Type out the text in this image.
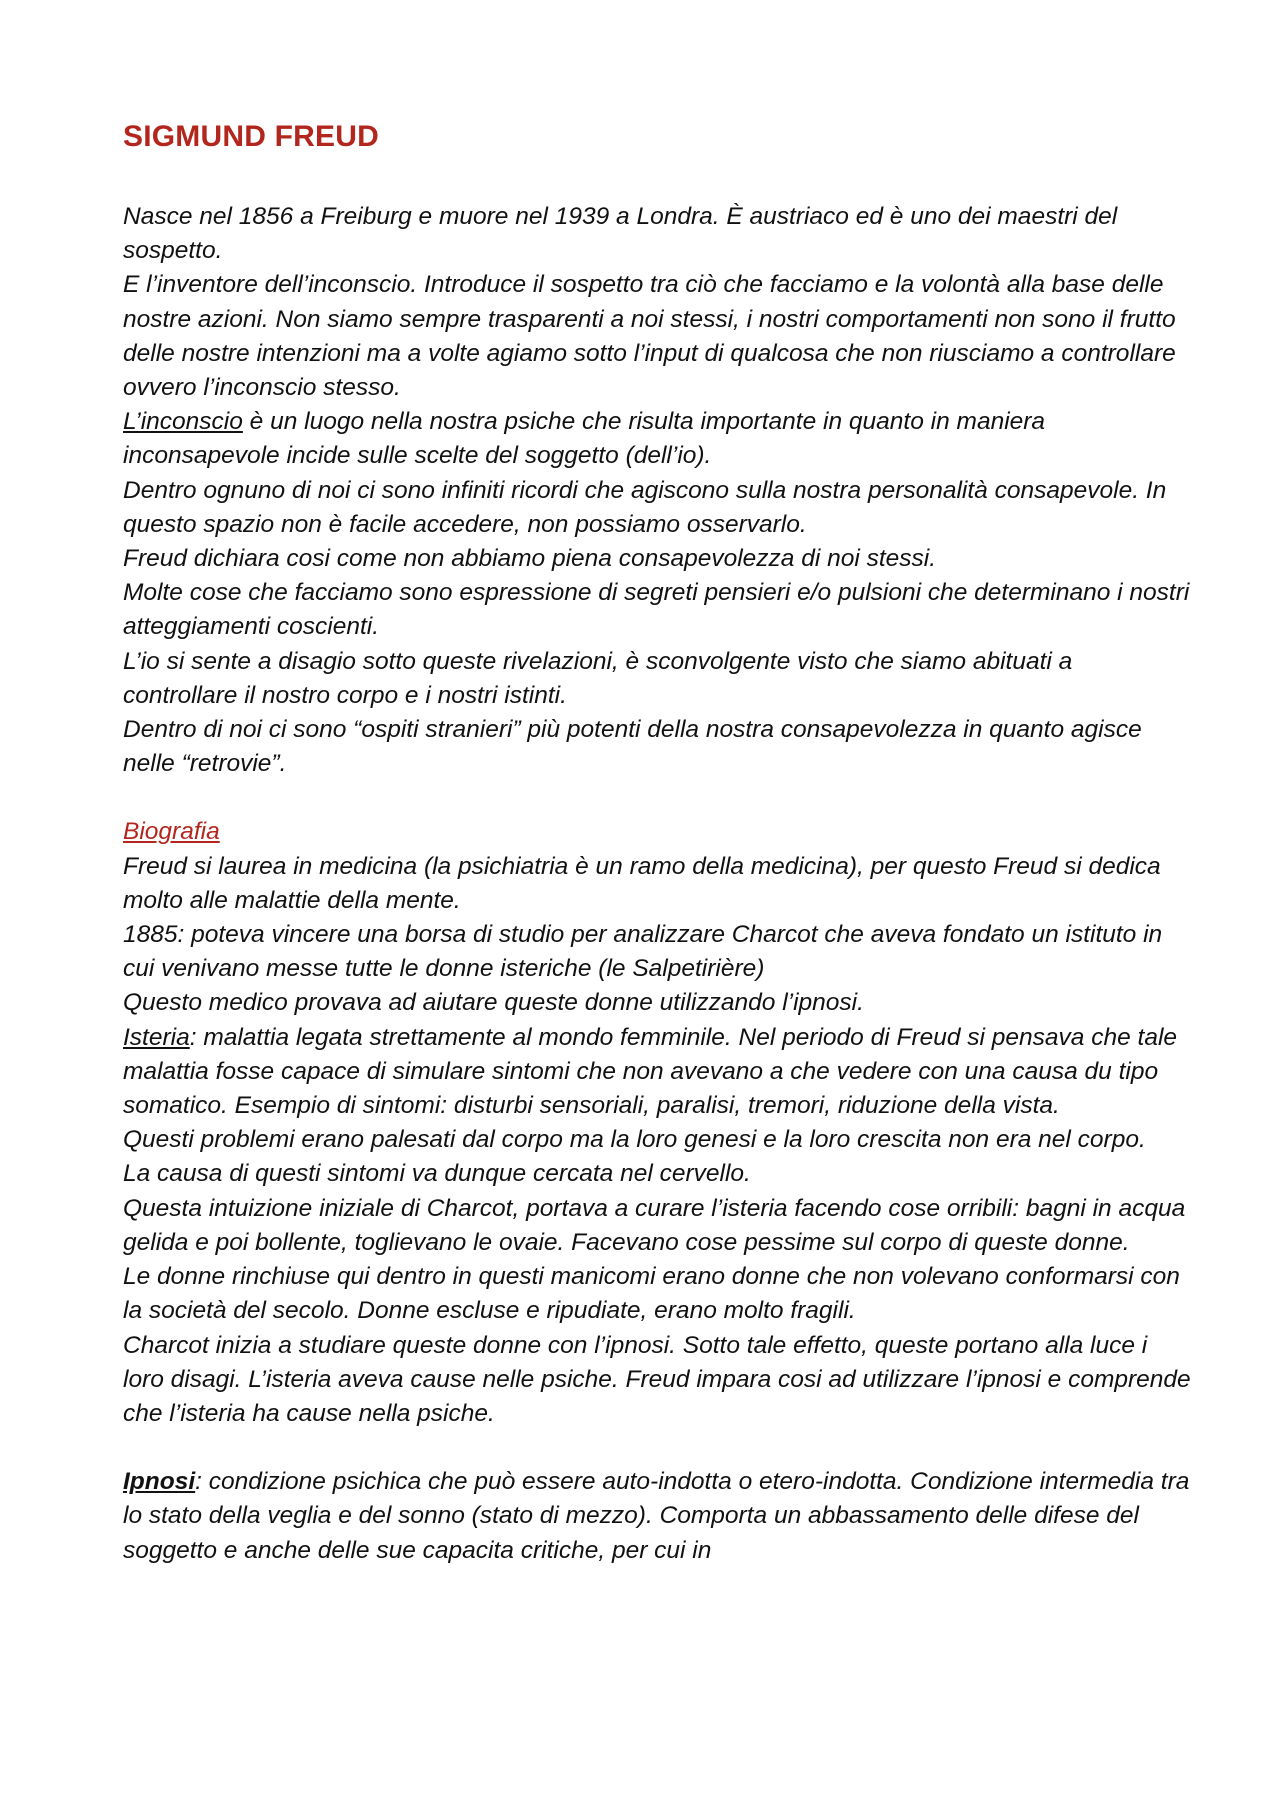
SIGMUND FREUD

Nasce nel 1856 a Freiburg e muore nel 1939 a Londra. È austriaco ed è uno dei maestri del sospetto.

E l’inventore dell’inconscio. Introduce il sospetto tra ciò che facciamo e la volontà alla base delle nostre azioni. Non siamo sempre trasparenti a noi stessi, i nostri comportamenti non sono il frutto delle nostre intenzioni ma a volte agiamo sotto l’input di qualcosa che non riusciamo a controllare ovvero l’inconscio stesso.

L’inconscio è un luogo nella nostra psiche che risulta importante in quanto in maniera inconsapevole incide sulle scelte del soggetto (dell’io).

Dentro ognuno di noi ci sono infiniti ricordi che agiscono sulla nostra personalità consapevole. In questo spazio non è facile accedere, non possiamo osservarlo.

Freud dichiara cosi come non abbiamo piena consapevolezza di noi stessi.

Molte cose che facciamo sono espressione di segreti pensieri e/o pulsioni che determinano i nostri atteggiamenti coscienti.

L’io si sente a disagio sotto queste rivelazioni, è sconvolgente visto che siamo abituati a controllare il nostro corpo e i nostri istinti.

Dentro di noi ci sono “ospiti stranieri” più potenti della nostra consapevolezza in quanto agisce nelle “retrovie”.

Biografia

Freud si laurea in medicina (la psichiatria è un ramo della medicina), per questo Freud si dedica molto alle malattie della mente.

1885: poteva vincere una borsa di studio per analizzare Charcot che aveva fondato un istituto in cui venivano messe tutte le donne isteriche (le Salpetirière)

Questo medico provava ad aiutare queste donne utilizzando l’ipnosi.

Isteria: malattia legata strettamente al mondo femminile. Nel periodo di Freud si pensava che tale malattia fosse capace di simulare sintomi che non avevano a che vedere con una causa du tipo somatico. Esempio di sintomi: disturbi sensoriali, paralisi, tremori, riduzione della vista.

Questi problemi erano palesati dal corpo ma la loro genesi e la loro crescita non era nel corpo.

La causa di questi sintomi va dunque cercata nel cervello.

Questa intuizione iniziale di Charcot, portava a curare l’isteria facendo cose orribili: bagni in acqua gelida e poi bollente, toglievano le ovaie. Facevano cose pessime sul corpo di queste donne.

Le donne rinchiuse qui dentro in questi manicomi erano donne che non volevano conformarsi con la società del secolo. Donne escluse e ripudiate, erano molto fragili.

Charcot inizia a studiare queste donne con l’ipnosi. Sotto tale effetto, queste portano alla luce i loro disagi. L’isteria aveva cause nelle psiche. Freud impara cosi ad utilizzare l’ipnosi e comprende che l’isteria ha cause nella psiche.

Ipnosi: condizione psichica che può essere auto-indotta o etero-indotta. Condizione intermedia tra lo stato della veglia e del sonno (stato di mezzo). Comporta un abbassamento delle difese del soggetto e anche delle sue capacita critiche, per cui in
